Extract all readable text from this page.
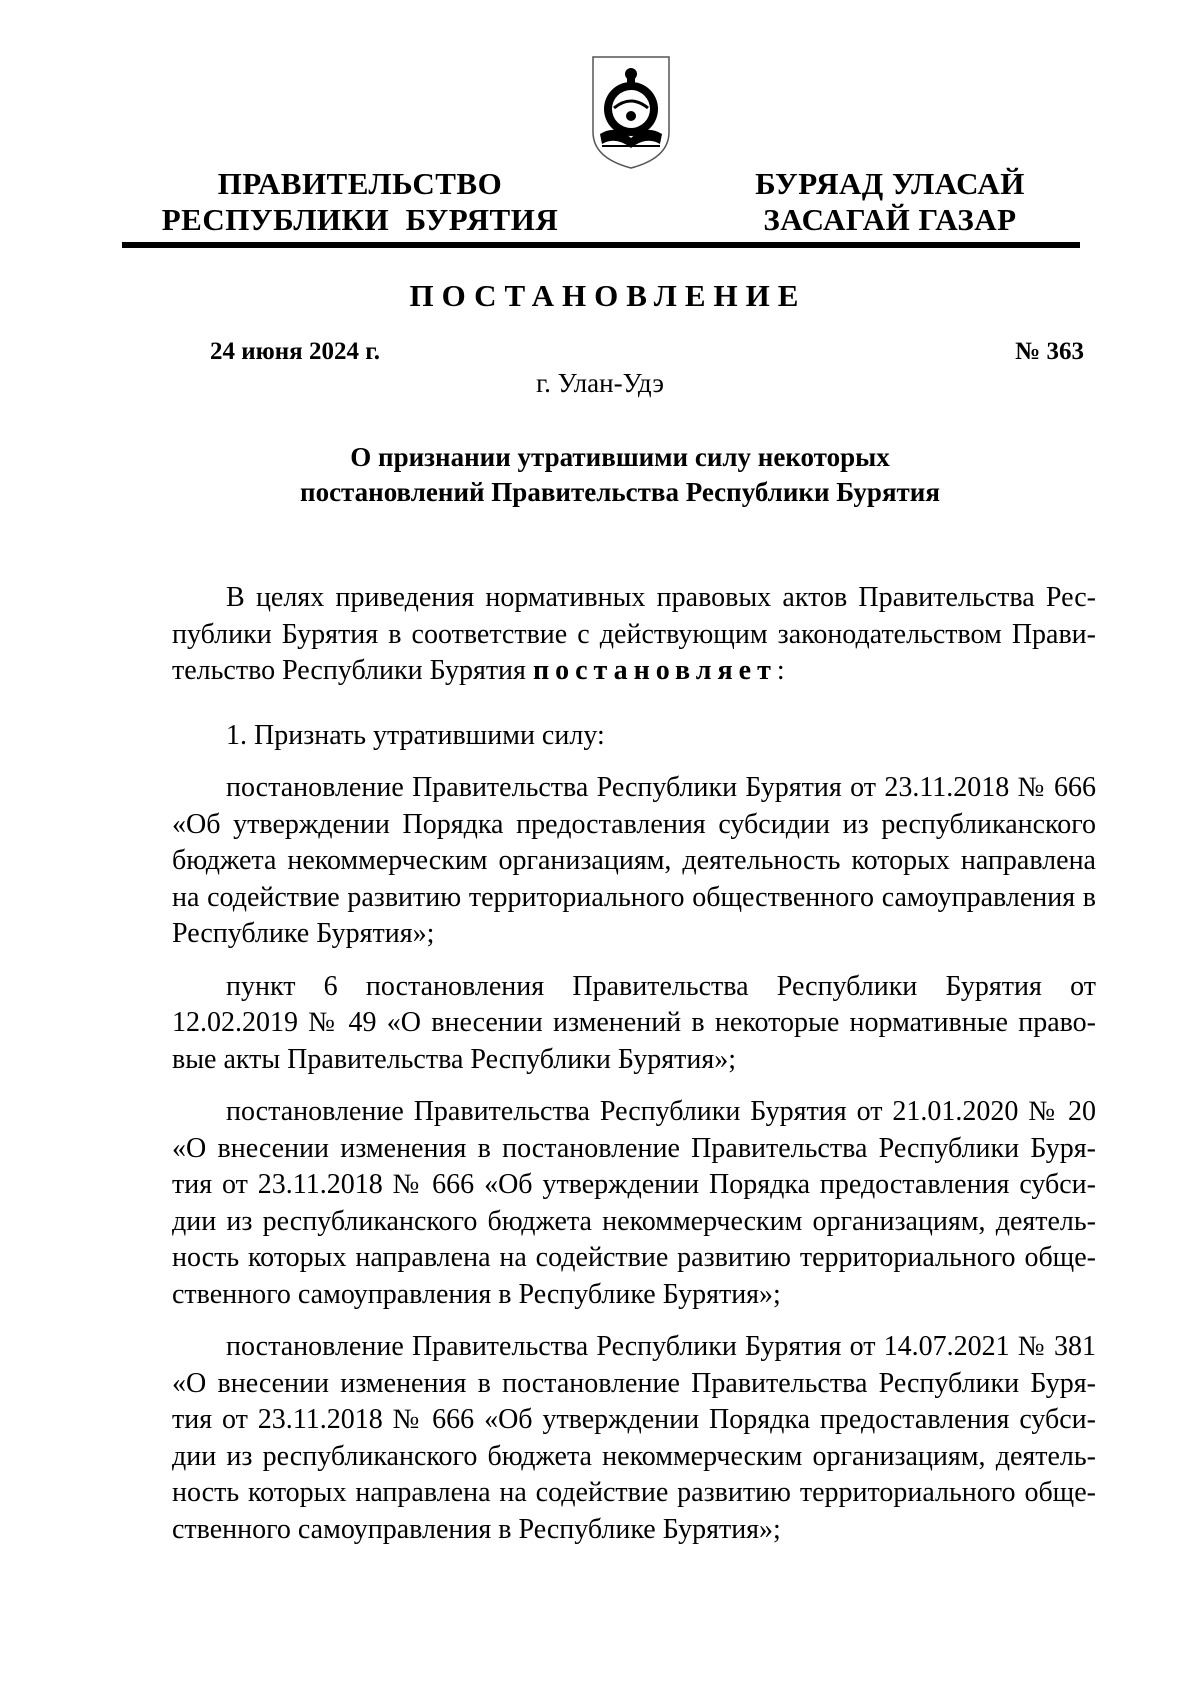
ПРАВИТЕЛЬСТВО
РЕСПУБЛИКИ  БУРЯТИЯ
БУРЯАД УЛАСАЙ
ЗАСАГАЙ ГАЗАР
ПОСТАНОВЛЕНИЕ
24 июня 2024 г.	№ 363
г. Улан-Удэ
О признании утратившими силу некоторых
постановлений Правительства Республики Бурятия

В целях приведения нормативных правовых актов Правительства Республики Бурятия в соответствие с действующим законодательством Правительство Республики Бурятия постановляет:

1. Признать утратившими силу:

постановление Правительства Республики Бурятия от 23.11.2018 № 666 «Об утверждении Порядка предоставления субсидии из республиканского бюджета некоммерческим организациям, деятельность которых направлена на содействие развитию территориального общественного самоуправления в Республике Бурятия»;

пункт 6 постановления Правительства Республики Бурятия от 12.02.2019 № 49 «О внесении изменений в некоторые нормативные правовые акты Правительства Республики Бурятия»;

постановление Правительства Республики Бурятия от 21.01.2020 № 20 «О внесении изменения в постановление Правительства Республики Бурятия от 23.11.2018 № 666 «Об утверждении Порядка предоставления субсидии из республиканского бюджета некоммерческим организациям, деятельность которых направлена на содействие развитию территориального общественного самоуправления в Республике Бурятия»;

постановление Правительства Республики Бурятия от 14.07.2021 № 381 «О внесении изменения в постановление Правительства Республики Бурятия от 23.11.2018 № 666 «Об утверждении Порядка предоставления субсидии из республиканского бюджета некоммерческим организациям, деятельность которых направлена на содействие развитию территориального общественного самоуправления в Республике Бурятия»;
